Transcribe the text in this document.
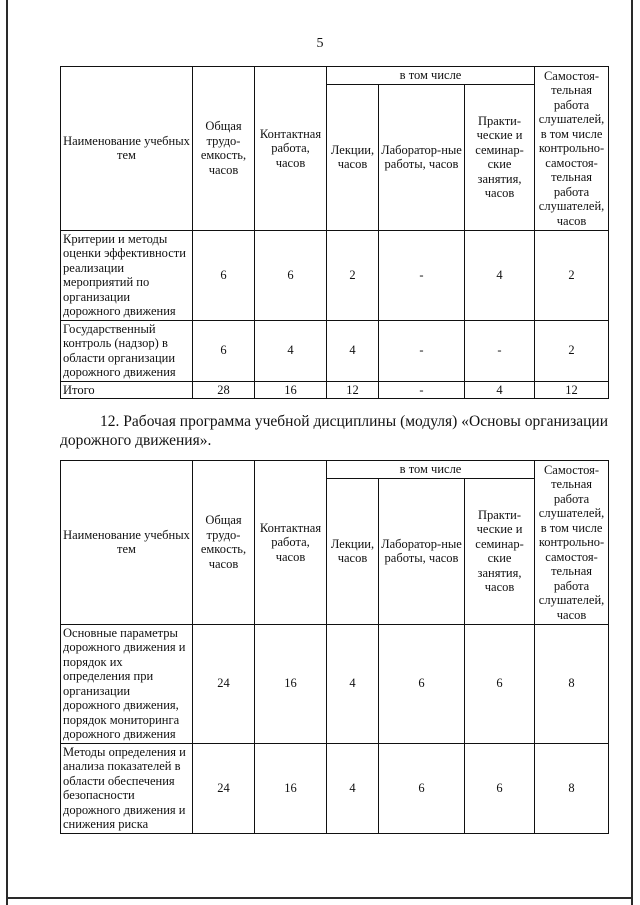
5
Наименование учебных тем	Общая трудо-емкость, часов	Контактная работа, часов	в том числе			Самостоя-тельная работа слушателей, в том числе контрольно-самостоя-тельная работа слушателей, часов
			Лекции, часов	Лаборатор-ные работы, часов	Практи-ческие и семинар-ские занятия, часов	
Критерии и методы оценки эффективности реализации мероприятий по организации дорожного движения	6	6	2	-	4	2
Государственный контроль (надзор) в области организации дорожного движения	6	4	4	-	-	2
Итого	28	16	12	-	4	12
12. Рабочая программа учебной дисциплины (модуля) «Основы организации дорожного движения».
Наименование учебных тем	Общая трудо-емкость, часов	Контактная работа, часов	в том числе			Самостоя-тельная работа слушателей, в том числе контрольно-самостоя-тельная работа слушателей, часов
			Лекции, часов	Лаборатор-ные работы, часов	Практи-ческие и семинар-ские занятия, часов	
Основные параметры дорожного движения и порядок их определения при организации дорожного движения, порядок мониторинга дорожного движения	24	16	4	6	6	8
Методы определения и анализа показателей в области обеспечения безопасности дорожного движения и снижения риска	24	16	4	6	6	8
